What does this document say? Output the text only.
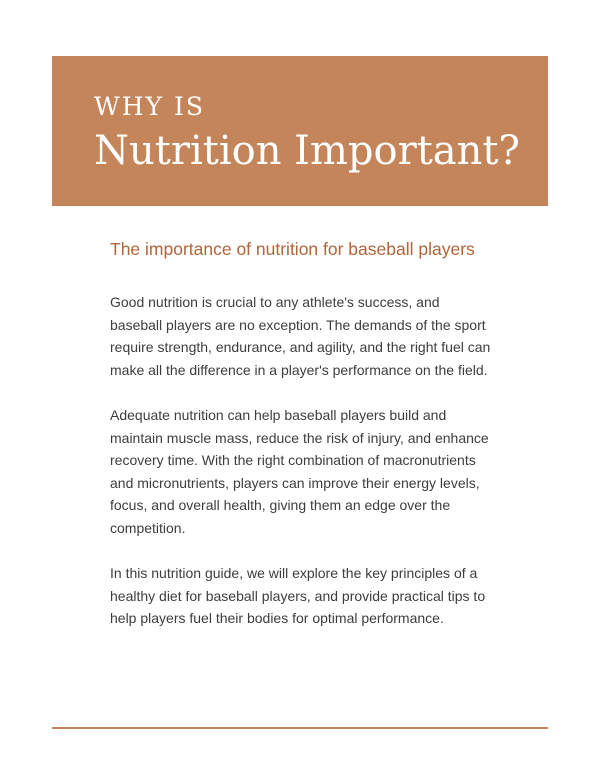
WHY IS
Nutrition Important?
The importance of nutrition for baseball players

Good nutrition is crucial to any athlete's success, and baseball players are no exception. The demands of the sport require strength, endurance, and agility, and the right fuel can make all the difference in a player's performance on the field.

Adequate nutrition can help baseball players build and maintain muscle mass, reduce the risk of injury, and enhance recovery time. With the right combination of macronutrients and micronutrients, players can improve their energy levels, focus, and overall health, giving them an edge over the competition.

In this nutrition guide, we will explore the key principles of a healthy diet for baseball players, and provide practical tips to help players fuel their bodies for optimal performance.
